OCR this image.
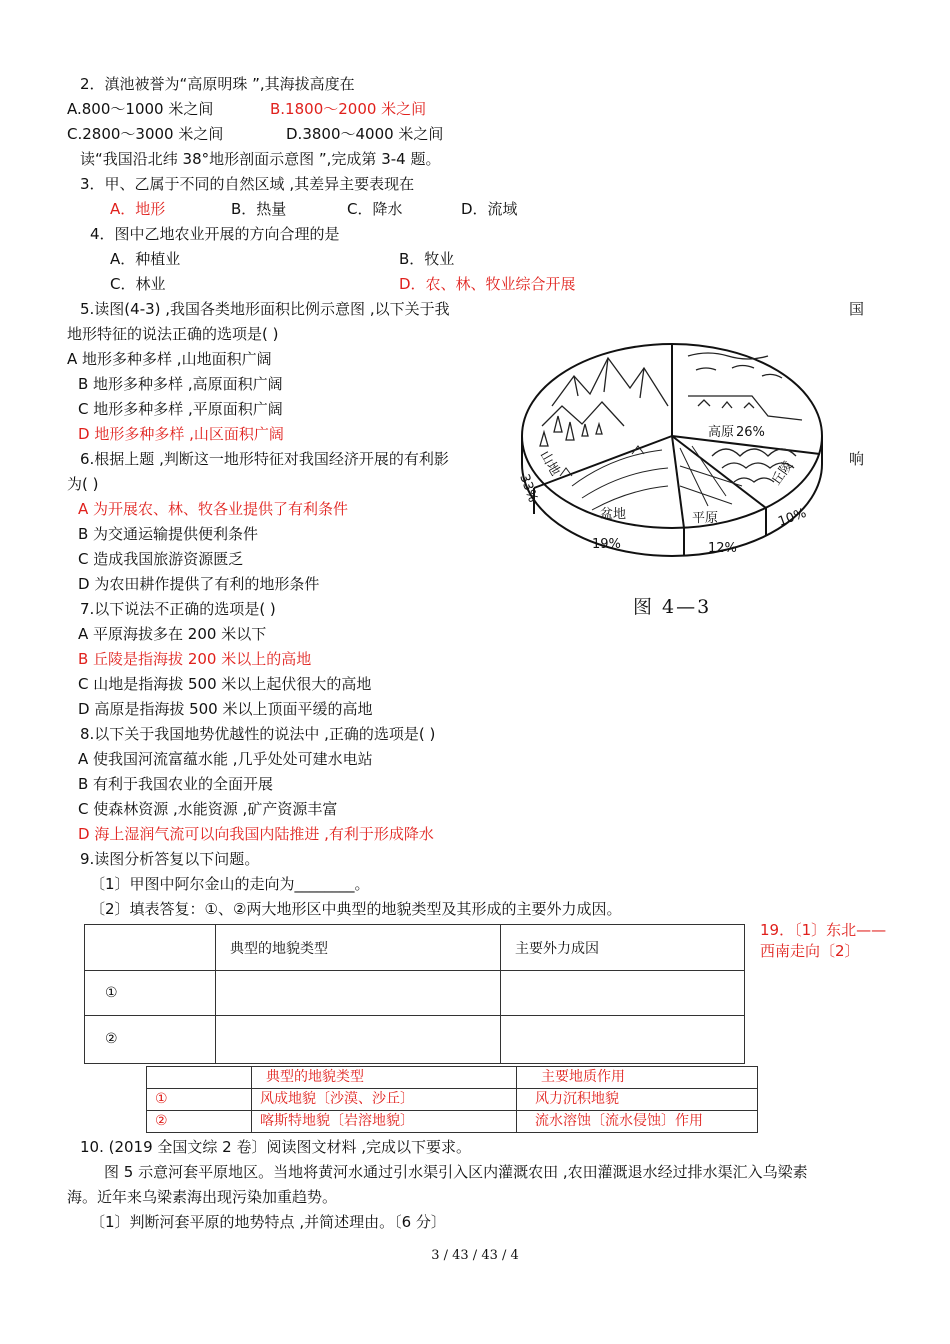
2．滇池被誉为“高原明珠 ”,其海拔高度在
A.800～1000 米之间	B.1800～2000 米之间
C.2800～3000 米之间	D.3800～4000 米之间
读“我国沿北纬 38°地形剖面示意图 ”,完成第 3-4 题。
3．甲、乙属于不同的自然区域 ,其差异主要表现在
A．地形	B．热量	C．降水	D．流域
4．图中乙地农业开展的方向合理的是
A．种植业	B．牧业
C．林业	D．农、林、牧业综合开展
5.读图(4-3) ,我国各类地形面积比例示意图 ,以下关于我	国
地形特征的说法正确的选项是( )
A 地形多种多样 ,山地面积广阔
B 地形多种多样 ,高原面积广阔
C 地形多种多样 ,平原面积广阔
D 地形多种多样 ,山区面积广阔
6.根据上题 ,判断这一地形特征对我国经济开展的有利影	响
为( )
A 为开展农、林、牧各业提供了有利条件
B 为交通运输提供便利条件
C 造成我国旅游资源匮乏
D 为农田耕作提供了有利的地形条件
7.以下说法不正确的选项是( )
A 平原海拔多在 200 米以下
B 丘陵是指海拔 200 米以上的高地
C 山地是指海拔 500 米以上起伏很大的高地
D 高原是指海拔 500 米以上顶面平缓的高地
8.以下关于我国地势优越性的说法中 ,正确的选项是( )
A 使我国河流富蕴水能 ,几乎处处可建水电站
B 有利于我国农业的全面开展
C 使森林资源 ,水能资源 ,矿产资源丰富
D 海上湿润气流可以向我国内陆推进 ,有利于形成降水
9.读图分析答复以下问题。
〔1〕甲图中阿尔金山的走向为________。
〔2〕填表答复：①、②两大地形区中典型的地貌类型及其形成的主要外力成因。
	典型的地貌类型	主要外力成因
①		
②		
19．〔1〕东北——西南走向〔2〕
	典型的地貌类型	主要地质作用
①	风成地貌〔沙漠、沙丘〕	风力沉积地貌
②	喀斯特地貌〔岩溶地貌〕	流水溶蚀〔流水侵蚀〕作用
10. (2019 全国文综 2 卷〕阅读图文材料 ,完成以下要求。
图 5 示意河套平原地区。当地将黄河水通过引水渠引入区内灌溉农田 ,农田灌溉退水经过排水渠汇入乌梁素
海。近年来乌梁素海出现污染加重趋势。
〔1〕判断河套平原的地势特点 ,并简述理由。〔6 分〕
高原 26%
平原
盆地
丘陵
山地
33%
19%	12%
10%
图 4—3
3 / 43 / 43 / 4
